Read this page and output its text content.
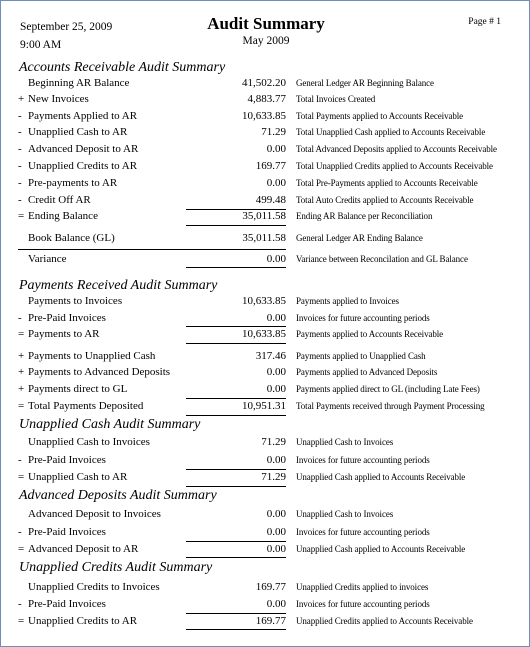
September 25, 2009
9:00 AM
Audit Summary
May 2009
Page # 1
Accounts Receivable Audit Summary
Beginning AR Balance	41,502.20 General Ledger AR Beginning Balance
+ New Invoices	4,883.77 Total Invoices Created
- Payments Applied to AR	10,633.85 Total Payments applied to Accounts Receivable
- Unapplied Cash to AR	71.29 Total Unapplied Cash applied to Accounts Receivable
- Advanced Deposit to AR	0.00 Total Advanced Deposits applied to Accounts Receivable
- Unapplied Credits to AR	169.77 Total Unapplied Credits applied to Accounts Receivable
- Pre-payments to AR	0.00 Total Pre-Payments applied to Accounts Receivable
- Credit Off AR	499.48 Total Auto Credits applied to Accounts Receivable
= Ending Balance	35,011.58 Ending AR Balance per Reconciliation
Book Balance (GL)	35,011.58 General Ledger AR Ending Balance
Variance	0.00 Variance between Reconcilation and GL Balance
Payments Received Audit Summary
Payments to Invoices	10,633.85 Payments applied to Invoices
- Pre-Paid Invoices	0.00 Invoices for future accounting periods
= Payments to AR	10,633.85 Payments applied to Accounts Receivable
+ Payments to Unapplied Cash	317.46 Payments applied to Unapplied Cash
+ Payments to Advanced Deposits	0.00 Payments applied to Advanced Deposits
+ Payments direct to GL	0.00 Payments applied direct to GL (including Late Fees)
= Total Payments Deposited	10,951.31 Total Payments received through Payment Processing
Unapplied Cash Audit Summary
Unapplied Cash to Invoices	71.29 Unapplied Cash to Invoices
- Pre-Paid Invoices	0.00 Invoices for future accounting periods
= Unapplied Cash to AR	71.29 Unapplied Cash applied to Accounts Receivable
Advanced Deposits Audit Summary
Advanced Deposit to Invoices	0.00 Unapplied Cash to Invoices
- Pre-Paid Invoices	0.00 Invoices for future accounting periods
= Advanced Deposit to AR	0.00 Unapplied Cash applied to Accounts Receivable
Unapplied Credits Audit Summary
Unapplied Credits to Invoices	169.77 Unapplied Credits applied to invoices
- Pre-Paid Invoices	0.00 Invoices for future accounting periods
= Unapplied Credits to AR	169.77 Unapplied Credits applied to Accounts Receivable
